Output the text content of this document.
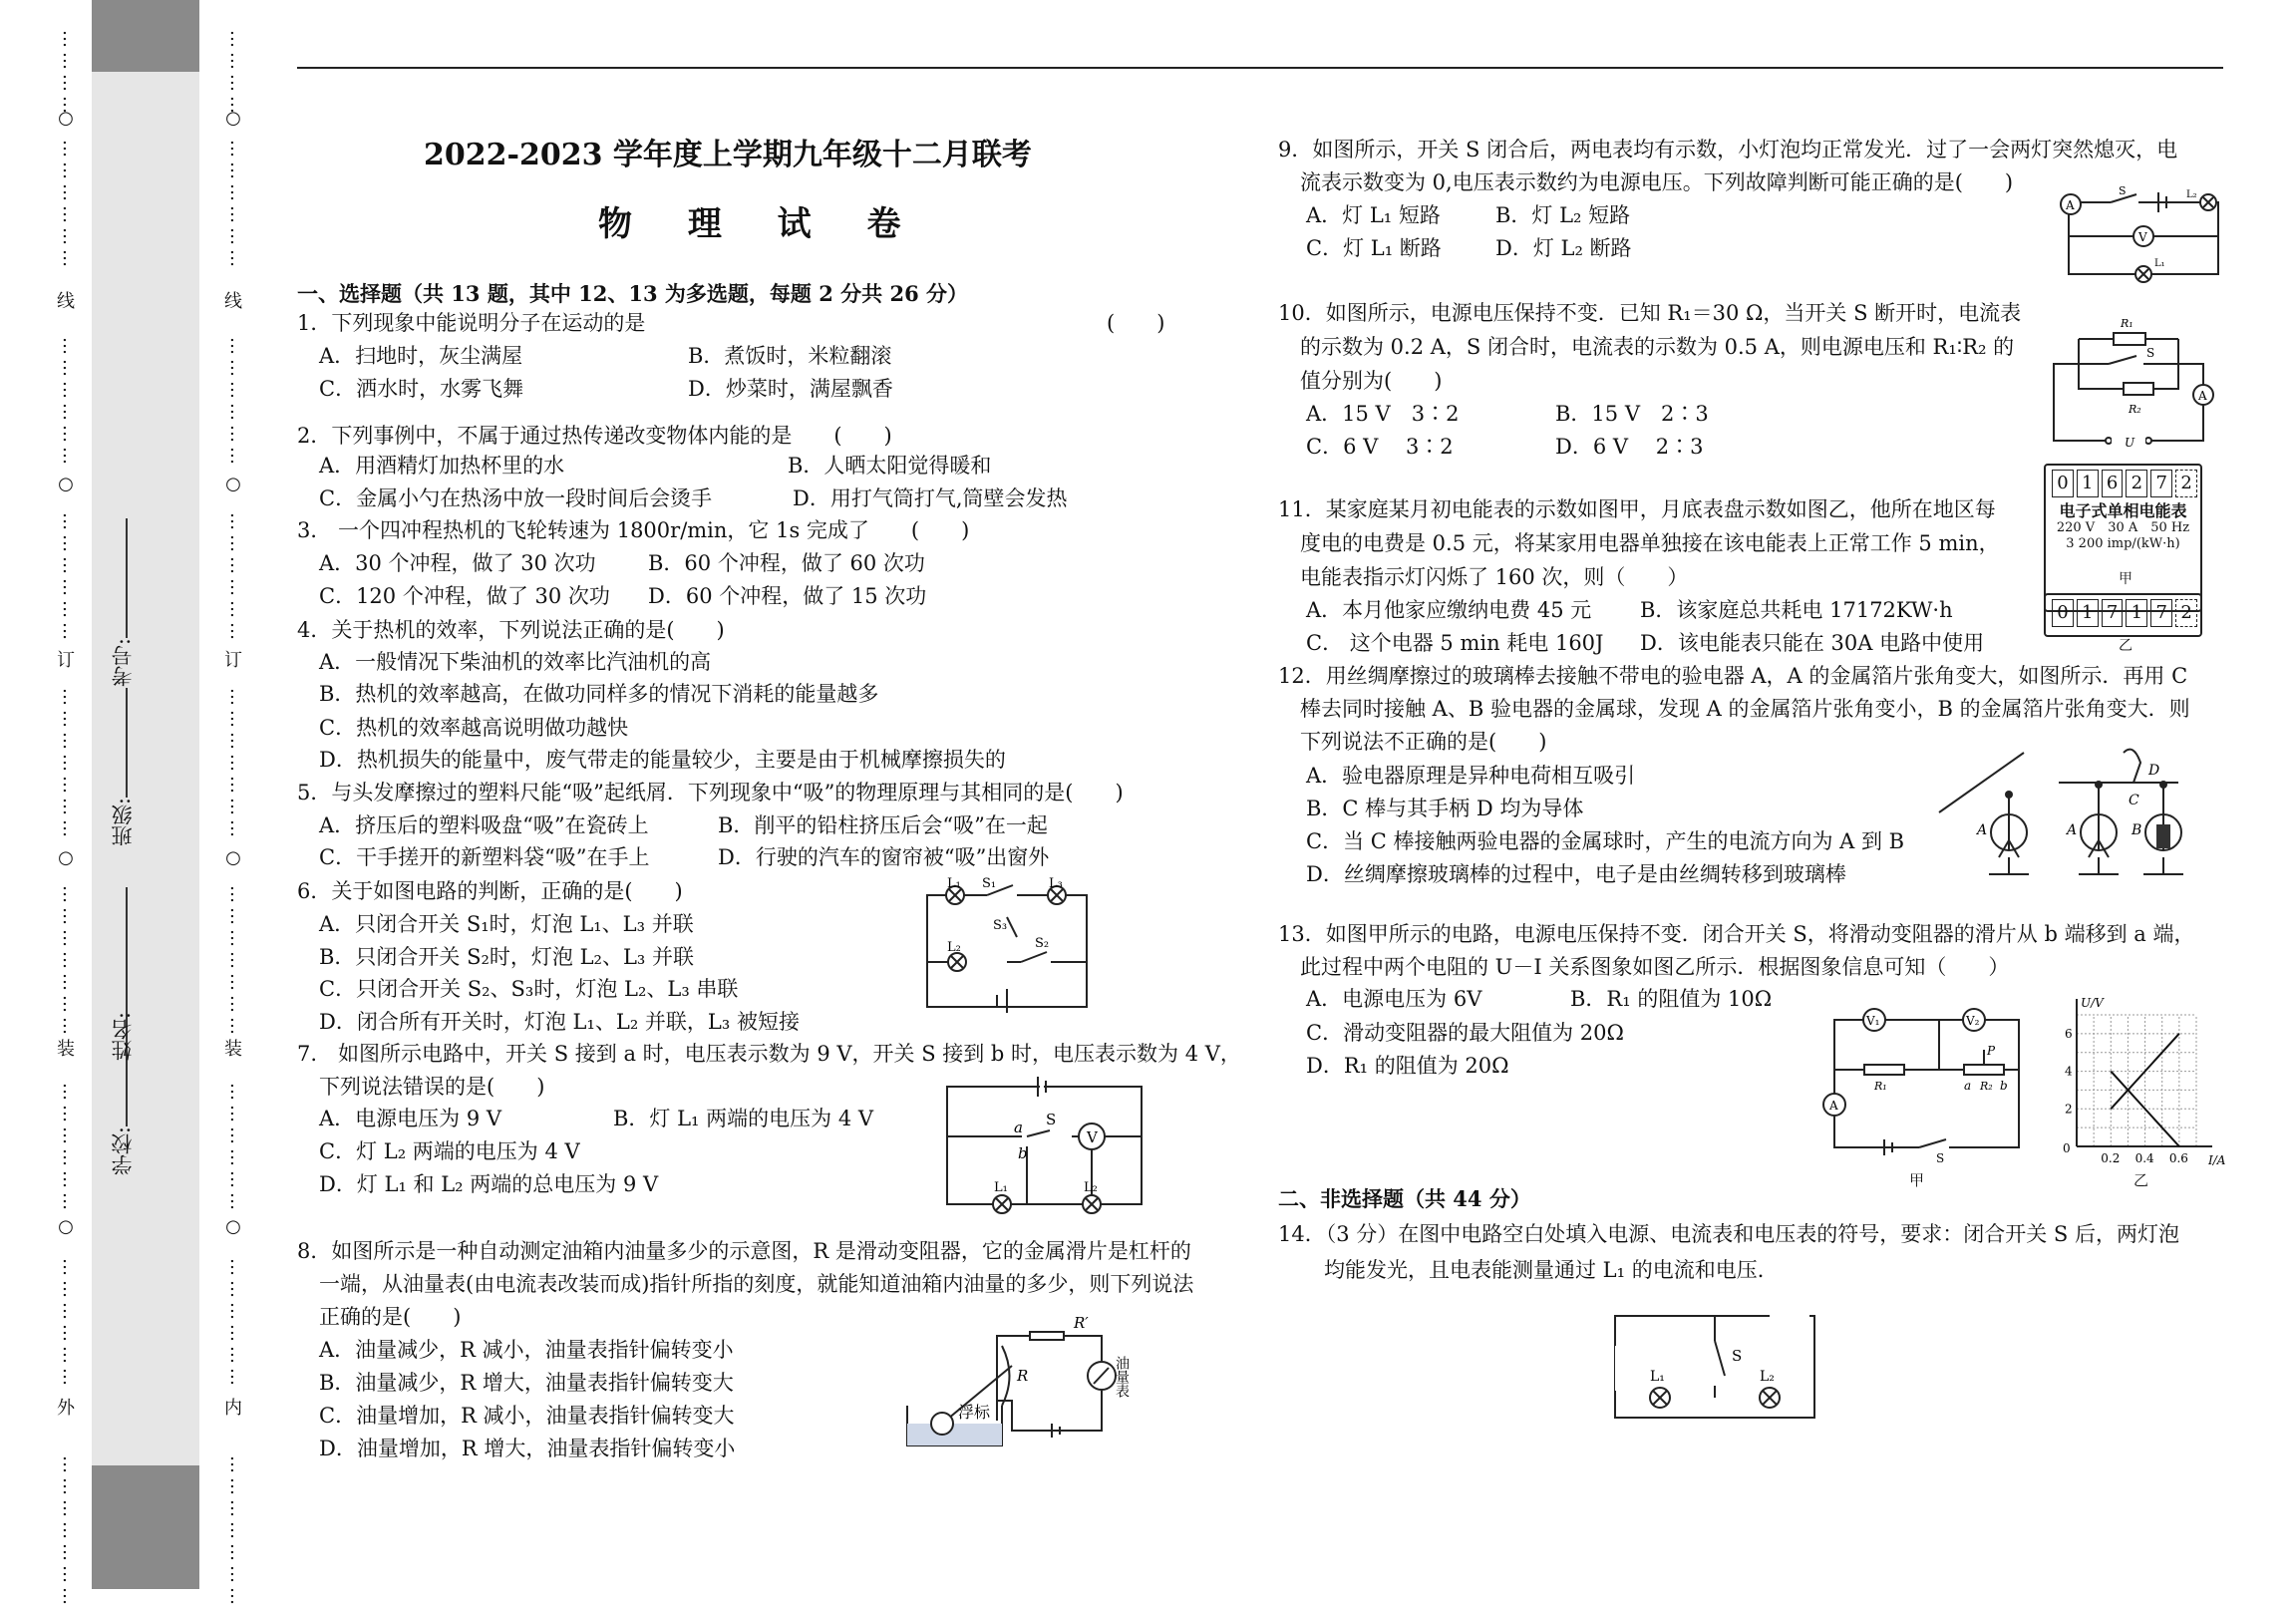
…
…
…
…
…
…
…
…
…
…
…
…
…
…
…
…
…
…
…
…
…
…
…
…
…
…
…
…
…
…
…
…
…
…
…
…
…
…
…
…
…
…
…
…
…
…
…
…
…
…
…
…
…
…
…
○
○
○
○
线
订
装
外
…
…
…
…
…
…
…
…
…
…
…
…
…
…
…
…
…
…
…
…
…
…
…
…
…
…
…
…
…
…
…
…
…
…
…
…
…
…
…
…
…
…
…
…
…
…
…
…
…
…
…
…
…
…
…
○
○
○
○
线
订
装
内
学校:
姓名:
班级:
考号:
2022-2023 学年度上学期九年级十二月联考
物 理 试 卷
一、选择题（共 13 题，其中 12、13 为多选题，每题 2 分共 26 分）
1．下列现象中能说明分子在运动的是	(　　)
A．扫地时，灰尘满屋	B．煮饭时，米粒翻滚
C．洒水时，水雾飞舞	D．炒菜时，满屋飘香
2．下列事例中，不属于通过热传递改变物体内能的是　　(　　)
A．用酒精灯加热杯里的水	B．人晒太阳觉得暖和
C．金属小勺在热汤中放一段时间后会烫手	D．用打气筒打气,筒壁会发热
3． 一个四冲程热机的飞轮转速为 1800r/min，它 1s 完成了　　(　　)
A．30 个冲程，做了 30 次功 B．60 个冲程，做了 60 次功
C．120 个冲程，做了 30 次功 D．60 个冲程，做了 15 次功
4．关于热机的效率，下列说法正确的是(　　)
A．一般情况下柴油机的效率比汽油机的高
B．热机的效率越高，在做功同样多的情况下消耗的能量越多
C．热机的效率越高说明做功越快
D．热机损失的能量中，废气带走的能量较少，主要是由于机械摩擦损失的
5．与头发摩擦过的塑料尺能“吸”起纸屑．下列现象中“吸”的物理原理与其相同的是(　　)
A．挤压后的塑料吸盘“吸”在瓷砖上	B．削平的铅柱挤压后会“吸”在一起
C．干手搓开的新塑料袋“吸”在手上	D．行驶的汽车的窗帘被“吸”出窗外
6．关于如图电路的判断，正确的是(　　)
A．只闭合开关 S₁时，灯泡 L₁、L₃ 并联
B．只闭合开关 S₂时，灯泡 L₂、L₃ 并联
C．只闭合开关 S₂、S₃时，灯泡 L₂、L₃ 串联
D．闭合所有开关时，灯泡 L₁、L₂ 并联，L₃ 被短接
7.　如图所示电路中，开关 S 接到 a 时，电压表示数为 9 V，开关 S 接到 b 时，电压表示数为 4 V，
下列说法错误的是(　　)
A．电源电压为 9 V	B．灯 L₁ 两端的电压为 4 V
C．灯 L₂ 两端的电压为 4 V
D．灯 L₁ 和 L₂ 两端的总电压为 9 V
8．如图所示是一种自动测定油箱内油量多少的示意图，R 是滑动变阻器，它的金属滑片是杠杆的
一端，从油量表(由电流表改装而成)指针所指的刻度，就能知道油箱内油量的多少，则下列说法
正确的是(　　)
A．油量减少，R 减小，油量表指针偏转变小
B．油量减少，R 增大，油量表指针偏转变大
C．油量增加，R 减小，油量表指针偏转变大
D．油量增加，R 增大，油量表指针偏转变小
9．如图所示，开关 S 闭合后，两电表均有示数，小灯泡均正常发光．过了一会两灯突然熄灭，电
流表示数变为 0,电压表示数约为电源电压。下列故障判断可能正确的是(　　)
A．灯 L₁ 短路	B．灯 L₂ 短路
C．灯 L₁ 断路	D．灯 L₂ 断路
10．如图所示，电源电压保持不变．已知 R₁＝30 Ω，当开关 S 断开时，电流表
的示数为 0.2 A，S 闭合时，电流表的示数为 0.5 A，则电源电压和 R₁∶R₂ 的
值分别为(　　)
A．15 V　3∶2	B．15 V　2∶3
C．6 V　 3∶2	D．6 V　 2∶3
11．某家庭某月初电能表的示数如图甲，月底表盘示数如图乙，他所在地区每
度电的电费是 0.5 元，将某家用电器单独接在该电能表上正常工作 5 min，
电能表指示灯闪烁了 160 次，则（　　）
A．本月他家应缴纳电费 45 元 B．该家庭总共耗电 17172KW·h
C． 这个电器 5 min 耗电 160J D．该电能表只能在 30A 电路中使用
12．用丝绸摩擦过的玻璃棒去接触不带电的验电器 A，A 的金属箔片张角变大，如图所示．再用 C
棒去同时接触 A、B 验电器的金属球，发现 A 的金属箔片张角变小，B 的金属箔片张角变大．则
下列说法不正确的是(　　)
A．验电器原理是异种电荷相互吸引
B．C 棒与其手柄 D 均为导体
C．当 C 棒接触两验电器的金属球时，产生的电流方向为 A 到 B
D．丝绸摩擦玻璃棒的过程中，电子是由丝绸转移到玻璃棒
13．如图甲所示的电路，电源电压保持不变．闭合开关 S，将滑动变阻器的滑片从 b 端移到 a 端，
此过程中两个电阻的 U－I 关系图象如图乙所示．根据图象信息可知（　　）
A．电源电压为 6V	B．R₁ 的阻值为 10Ω
C．滑动变阻器的最大阻值为 20Ω
D．R₁ 的阻值为 20Ω
二、非选择题（共 44 分）
14．（3 分）在图中电路空白处填入电源、电流表和电压表的符号，要求：闭合开关 S 后，两灯泡
均能发光，且电表能测量通过 L₁ 的电流和电压．
L₁ S₁	L₃
L₂
S₃
S₂
V
a
b
S
L₁	L₂
R
R′
浮标
油量表
A
V
S	L₂
L₁
A
R₁
R₂
S
U
0 1 6 2 7 2
电子式单相电能表
220 V　30 A　50 Hz
3 200 imp/(kW·h)
甲
0 1 7 1 7 2
乙
A	A	B
C
D
V₁	V₂
A
R₁	a R₂ b
P
S
甲
0.2 0.4 0.6
2
4
6
0
I/A
U/V
乙
L₁	L₂
S
